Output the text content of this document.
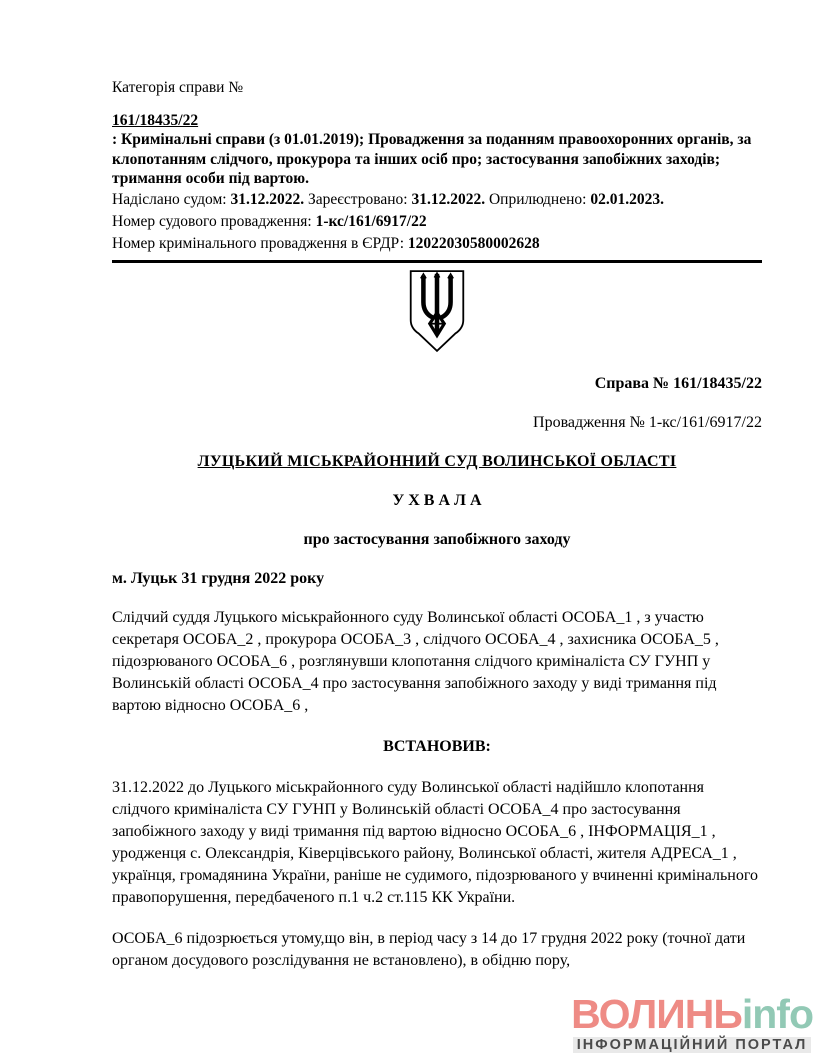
Категорія справи №

161/18435/22

: Кримінальні справи (з 01.01.2019); Провадження за поданням правоохоронних органів, за клопотанням слідчого, прокурора та інших осіб про; застосування запобіжних заходів; тримання особи під вартою.

Надіслано судом: 31.12.2022. Зареєстровано: 31.12.2022. Оприлюднено: 02.01.2023.

Номер судового провадження: 1-кс/161/6917/22

Номер кримінального провадження в ЄРДР: 12022030580002628

Справа № 161/18435/22

Провадження № 1-кс/161/6917/22

ЛУЦЬКИЙ МІСЬКРАЙОННИЙ СУД ВОЛИНСЬКОЇ ОБЛАСТІ

У Х В А Л А

про застосування запобіжного заходу

м. Луцьк 31 грудня 2022 року

Слідчий суддя Луцького міськрайонного суду Волинської області ОСОБА_1 , з участю секретаря ОСОБА_2 , прокурора ОСОБА_3 , слідчого ОСОБА_4 , захисника ОСОБА_5 , підозрюваного ОСОБА_6 , розглянувши клопотання слідчого криміналіста СУ ГУНП у Волинській області ОСОБА_4 про застосування запобіжного заходу у виді тримання під вартою відносно ОСОБА_6 ,

ВСТАНОВИВ:

31.12.2022 до Луцького міськрайонного суду Волинської області надійшло клопотання слідчого криміналіста СУ ГУНП у Волинській області ОСОБА_4 про застосування запобіжного заходу у виді тримання під вартою відносно ОСОБА_6 , ІНФОРМАЦІЯ_1 , уродженця с. Олександрія, Ківерцівського району, Волинської області, жителя АДРЕСА_1 , українця, громадянина України, раніше не судимого, підозрюваного у вчиненні кримінального правопорушення, передбаченого п.1 ч.2 ст.115 КК України.

ОСОБА_6 підозрюється утому,що він, в період часу з 14 до 17 грудня 2022 року (точної дати органом досудового розслідування не встановлено), в обідню пору,

ВОЛИНЬinfo
ІНФОРМАЦІЙНИЙ ПОРТАЛ
